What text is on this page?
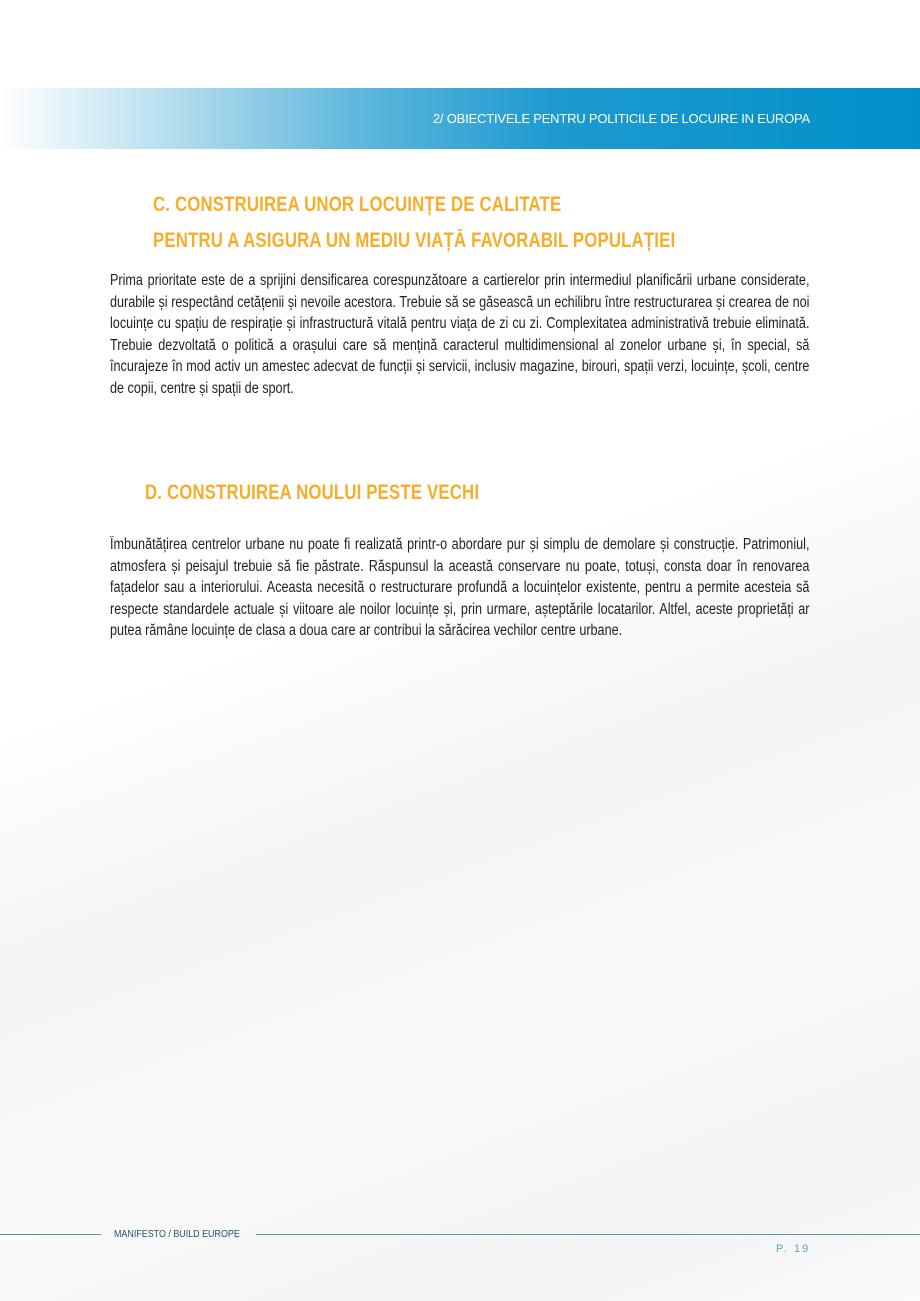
2/ OBIECTIVELE PENTRU POLITICILE DE LOCUIRE IN EUROPA
C. CONSTRUIREA UNOR LOCUINȚE DE CALITATE
PENTRU A ASIGURA UN MEDIU VIAȚĂ FAVORABIL POPULAȚIEI
Prima prioritate este de a sprijini densificarea corespunzătoare a cartierelor prin intermediul planificării urbane considerate, durabile și respectând cetățenii și nevoile acestora. Trebuie să se găsească un echilibru între restructurarea și crearea de noi locuințe cu spațiu de respirație și infrastructură vitală pentru viața de zi cu zi. Complexitatea administrativă trebuie eliminată. Trebuie dezvoltată o politică a orașului care să mențină caracterul multidimensional al zonelor urbane și, în special, să încurajeze în mod activ un amestec adecvat de funcții și servicii, inclusiv magazine, birouri, spații verzi, locuințe, școli, centre de copii, centre și spații de sport.
D. CONSTRUIREA NOULUI PESTE VECHI
Îmbunătățirea centrelor urbane nu poate fi realizată printr-o abordare pur și simplu de demolare și construcție. Patrimoniul, atmosfera și peisajul trebuie să fie păstrate. Răspunsul la această conservare nu poate, totuși, consta doar în renovarea fațadelor sau a interiorului. Aceasta necesită o restructurare profundă a locuințelor existente, pentru a permite acesteia să respecte standardele actuale și viitoare ale noilor locuințe și, prin urmare, așteptările locatarilor. Altfel, aceste proprietăți ar putea rămâne locuințe de clasa a doua care ar contribui la sărăcirea vechilor centre urbane.
MANIFESTO / BUILD EUROPE
P. 19
